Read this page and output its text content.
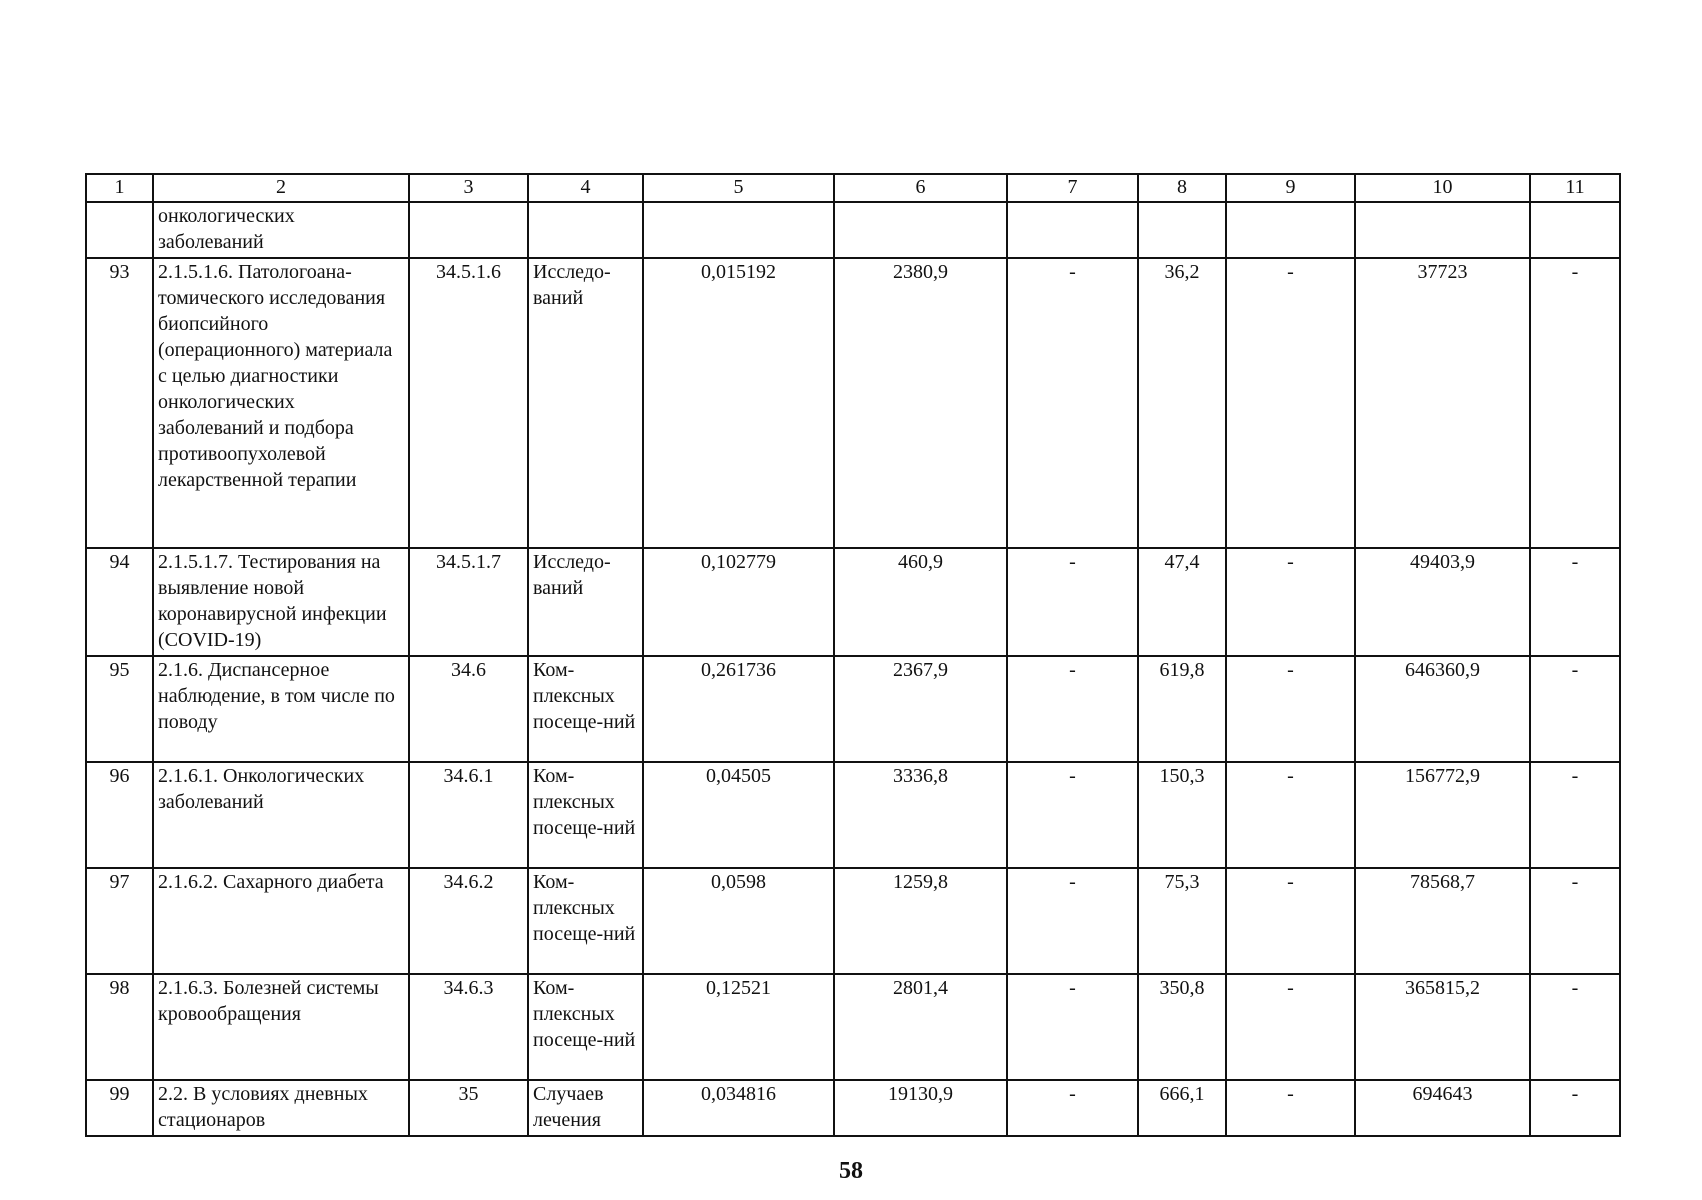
1	2	3	4	5	6	7	8	9	10	11
	онкологических заболеваний									
93	2.1.5.1.6. Патологоана-томического исследования биопсийного (операционного) материала с целью диагностики онкологических заболеваний и подбора противоопухолевой лекарственной терапии	34.5.1.6	Исследо-ваний	0,015192	2380,9	-	36,2	-	37723	-
94	2.1.5.1.7. Тестирования на выявление новой коронавирусной инфекции (COVID-19)	34.5.1.7	Исследо-ваний	0,102779	460,9	-	47,4	-	49403,9	-
95	2.1.6. Диспансерное наблюдение, в том числе по поводу	34.6	Ком-плексных посеще-ний	0,261736	2367,9	-	619,8	-	646360,9	-
96	2.1.6.1. Онкологических заболеваний	34.6.1	Ком-плексных посеще-ний	0,04505	3336,8	-	150,3	-	156772,9	-
97	2.1.6.2. Сахарного диабета	34.6.2	Ком-плексных посеще-ний	0,0598	1259,8	-	75,3	-	78568,7	-
98	2.1.6.3. Болезней системы кровообращения	34.6.3	Ком-плексных посеще-ний	0,12521	2801,4	-	350,8	-	365815,2	-
99	2.2. В условиях дневных стационаров	35	Случаев лечения	0,034816	19130,9	-	666,1	-	694643	-
58
